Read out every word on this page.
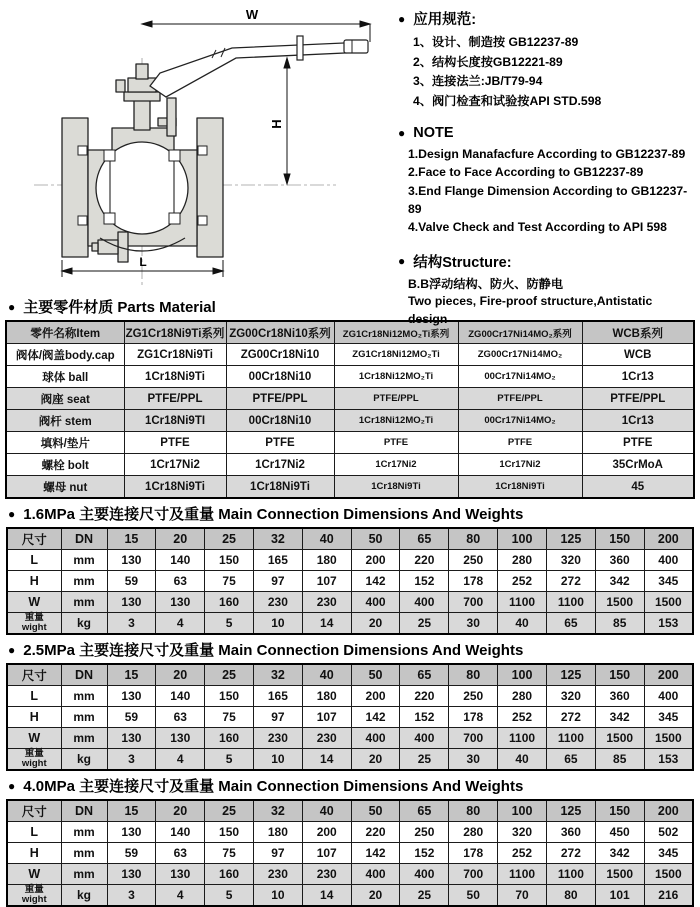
W
H
L
● 应用规范:
1、设计、制造按 GB12237-89
2、结构长度按GB12221-89
3、连接法兰:JB/T79-94
4、阀门检查和试验按API STD.598
● NOTE
1.Design Manafacfure According to GB12237-89
2.Face to Face According to GB12237-89
3.End Flange Dimension According to GB12237-89
4.Valve Check and Test According to API 598
● 结构Structure:
B.B浮动结构、防火、防静电
Two pieces, Fire-proof structure,Antistatic design
● 主要零件材质 Parts Material
零件名称Item	ZG1Cr18Ni9Ti系列	ZG00Cr18Ni10系列	ZG1Cr18Ni12MO₂Ti系列	ZG00Cr17Ni14MO₂系列	WCB系列
阀体/阀盖body.cap	ZG1Cr18Ni9Ti	ZG00Cr18Ni10	ZG1Cr18Ni12MO₂Ti	ZG00Cr17Ni14MO₂	WCB
球体 ball	1Cr18Ni9Ti	00Cr18Ni10	1Cr18Ni12MO₂Ti	00Cr17Ni14MO₂	1Cr13
阀座 seat	PTFE/PPL	PTFE/PPL	PTFE/PPL	PTFE/PPL	PTFE/PPL
阀杆 stem	1Cr18Ni9TI	00Cr18Ni10	1Cr18Ni12MO₂Ti	00Cr17Ni14MO₂	1Cr13
填料/垫片	PTFE	PTFE	PTFE	PTFE	PTFE
螺栓 bolt	1Cr17Ni2	1Cr17Ni2	1Cr17Ni2	1Cr17Ni2	35CrMoA
螺母 nut	1Cr18Ni9Ti	1Cr18Ni9Ti	1Cr18Ni9Ti	1Cr18Ni9Ti	45
● 1.6MPa 主要连接尺寸及重量 Main Connection Dimensions And Weights
尺寸	DN	15	20	25	32	40	50	65	80	100	125	150	200
L	mm	130	140	150	165	180	200	220	250	280	320	360	400
H	mm	59	63	75	97	107	142	152	178	252	272	342	345
W	mm	130	130	160	230	230	400	400	700	1100	1100	1500	1500

重量
wight	kg	3	4	5	10	14	20	25	30	40	65	85	153
● 2.5MPa 主要连接尺寸及重量 Main Connection Dimensions And Weights
尺寸	DN	15	20	25	32	40	50	65	80	100	125	150	200
L	mm	130	140	150	165	180	200	220	250	280	320	360	400
H	mm	59	63	75	97	107	142	152	178	252	272	342	345
W	mm	130	130	160	230	230	400	400	700	1100	1100	1500	1500

重量
wight	kg	3	4	5	10	14	20	25	30	40	65	85	153
● 4.0MPa 主要连接尺寸及重量 Main Connection Dimensions And Weights
尺寸	DN	15	20	25	32	40	50	65	80	100	125	150	200
L	mm	130	140	150	180	200	220	250	280	320	360	450	502
H	mm	59	63	75	97	107	142	152	178	252	272	342	345
W	mm	130	130	160	230	230	400	400	700	1100	1100	1500	1500

重量
wight	kg	3	4	5	10	14	20	25	50	70	80	101	216
